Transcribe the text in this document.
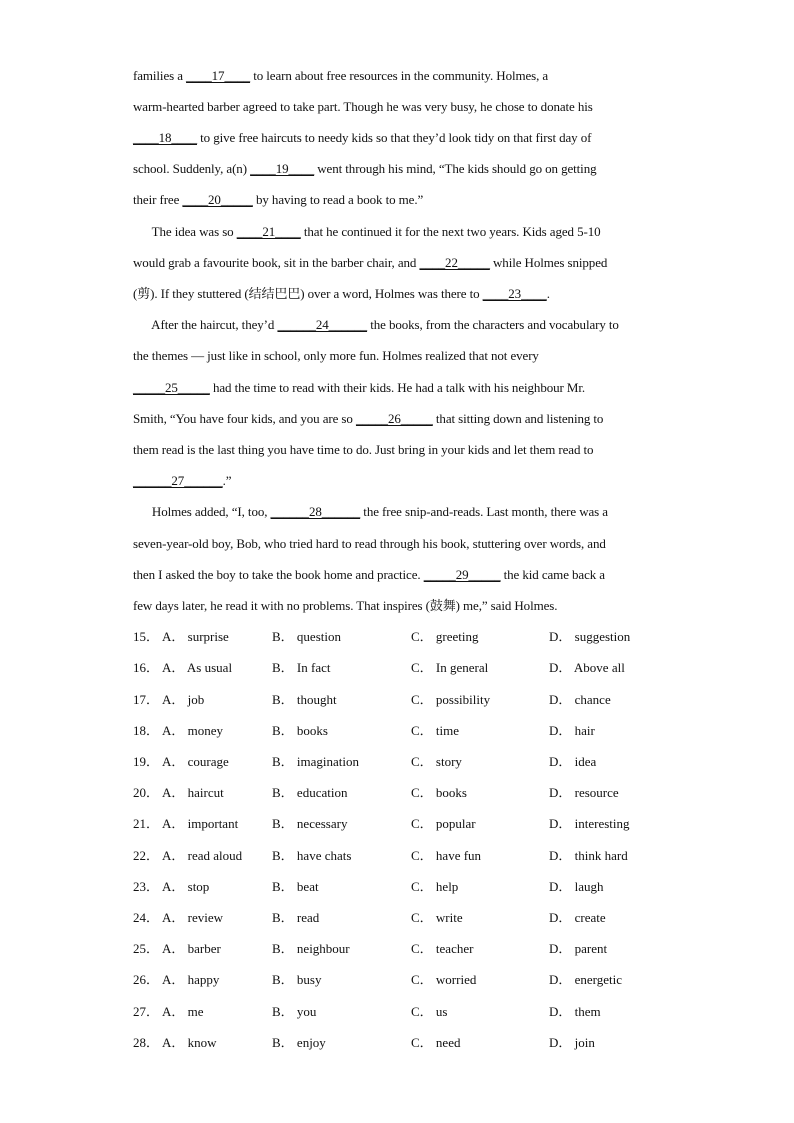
families a ____17____ to learn about free resources in the community. Holmes, a
warm-hearted barber agreed to take part. Though he was very busy, he chose to donate his
____18____ to give free haircuts to needy kids so that they’d look tidy on that first day of
school. Suddenly, a(n) ____19____ went through his mind, “The kids should go on getting
their free ____20_____ by having to read a book to me.”
The idea was so ____21____ that he continued it for the next two years. Kids aged 5-10
would grab a favourite book, sit in the barber chair, and ____22_____ while Holmes snipped
(剪). If they stuttered (结结巴巴) over a word, Holmes was there to ____23____.
After the haircut, they’d ______24______ the books, from the characters and vocabulary to
the themes — just like in school, only more fun. Holmes realized that not every
_____25_____ had the time to read with their kids. He had a talk with his neighbour Mr.
Smith, “You have four kids, and you are so _____26_____ that sitting down and listening to
them read is the last thing you have time to do. Just bring in your kids and let them read to
______27______.”
Holmes added, “I, too, ______28______ the free snip-and-reads. Last month, there was a
seven-year-old boy, Bob, who tried hard to read through his book, stuttering over words, and
then I asked the boy to take the book home and practice. _____29_____ the kid came back a
few days later, he read it with no problems. That inspires (鼓舞) me,” said Holmes.
15． A． surprise	B． question	C． greeting	D． suggestion
16． A． As usual	B． In fact	C． In general	D． Above all
17． A． job	B． thought	C． possibility	D． chance
18． A． money	B． books	C． time	D． hair
19． A． courage	B． imagination	C． story	D． idea
20． A． haircut	B． education	C． books	D． resource
21． A． important	B． necessary	C． popular	D． interesting
22． A． read aloud B． have chats	C． have fun	D． think hard
23． A． stop	B． beat	C． help	D． laugh
24． A． review	B． read	C． write	D． create
25． A． barber	B． neighbour	C． teacher	D． parent
26． A． happy	B． busy	C． worried	D． energetic
27． A． me	B． you	C． us	D． them
28． A． know	B． enjoy	C． need	D． join
